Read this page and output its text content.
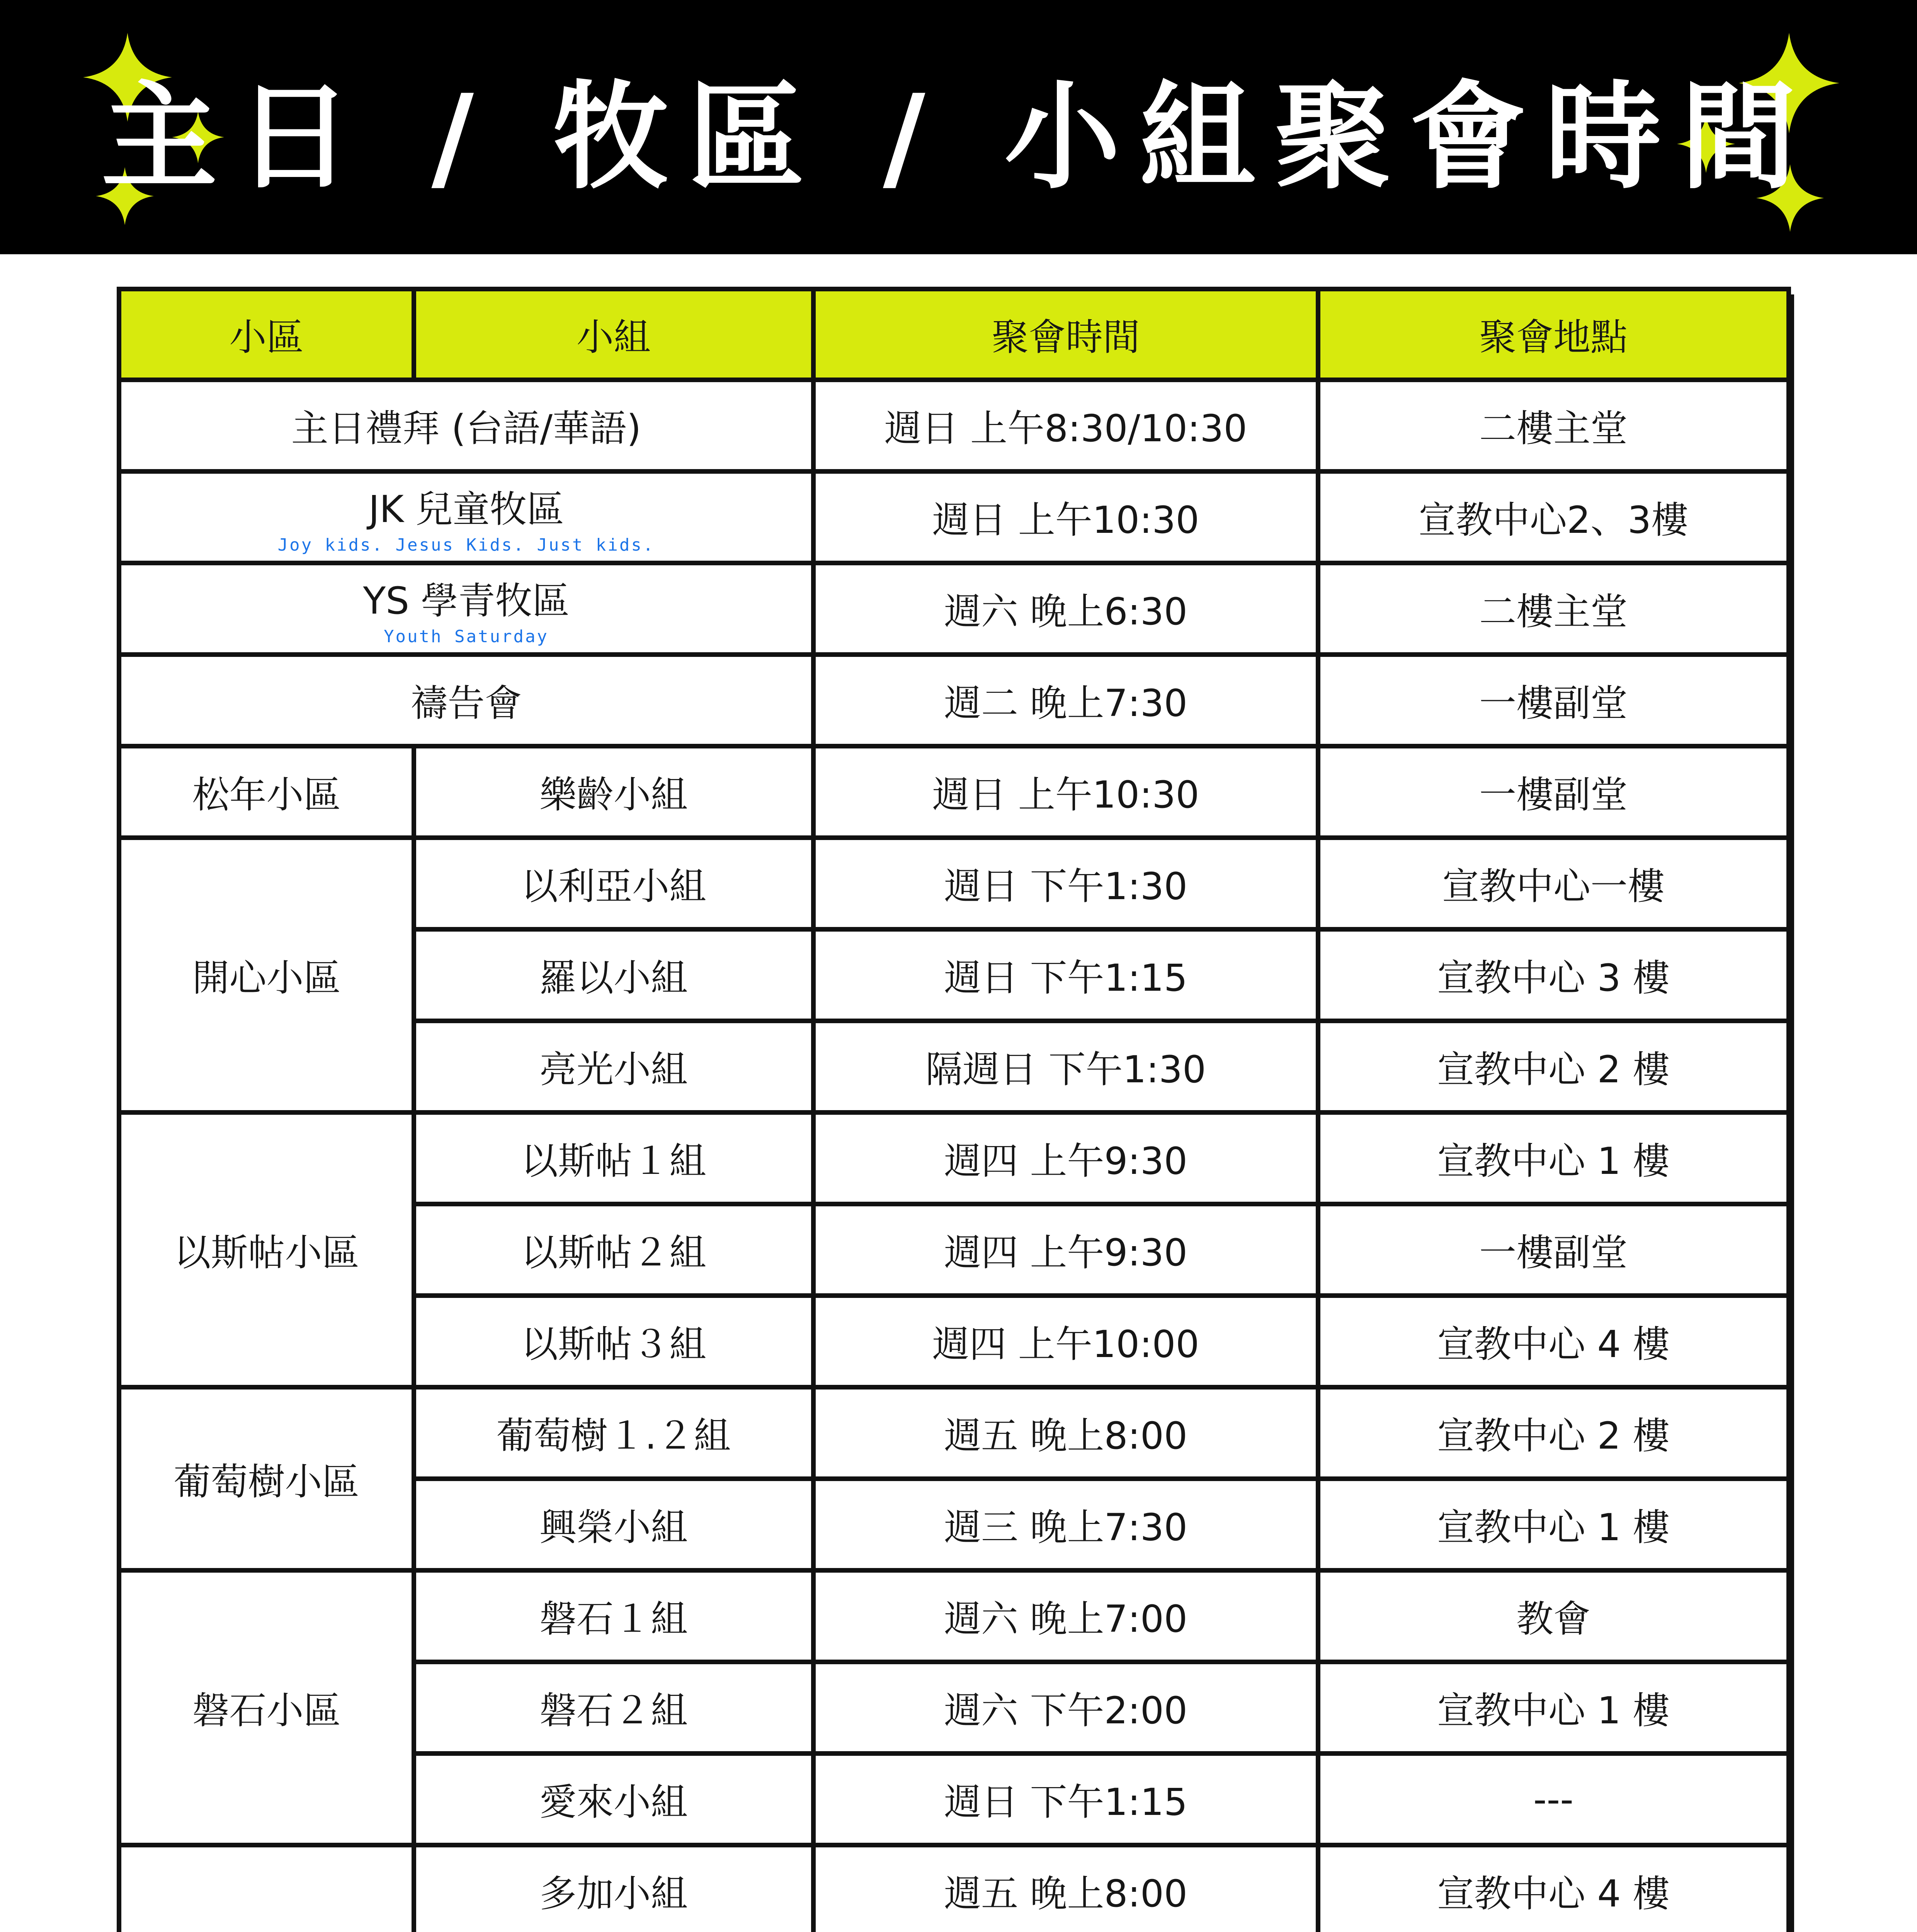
主日 / 牧區 / 小組聚會時間
小區	小組	聚會時間	聚會地點
主日禮拜 (台語/華語)		週日 上午8:30/10:30	二樓主堂
JK 兒童牧區
Joy kids. Jesus Kids. Just kids.		週日 上午10:30	宣教中心2、3樓
YS 學青牧區
Youth Saturday		週六 晚上6:30	二樓主堂
禱告會		週二 晚上7:30	一樓副堂
松年小區	樂齡小組	週日 上午10:30	一樓副堂
開心小區	以利亞小組	週日 下午1:30	宣教中心一樓
	羅以小組	週日 下午1:15	宣教中心 3 樓
	亮光小組	隔週日 下午1:30	宣教中心 2 樓
以斯帖小區	以斯帖１組	週四 上午9:30	宣教中心 1 樓
	以斯帖２組	週四 上午9:30	一樓副堂
	以斯帖３組	週四 上午10:00	宣教中心 4 樓
葡萄樹小區	葡萄樹１.２組	週五 晚上8:00	宣教中心 2 樓
	興榮小組	週三 晚上7:30	宣教中心 1 樓
磐石小區	磐石１組	週六 晚上7:00	教會
	磐石２組	週六 下午2:00	宣教中心 1 樓
	愛來小組	週日 下午1:15	---
	多加小組	週五 晚上8:00	宣教中心 4 樓
